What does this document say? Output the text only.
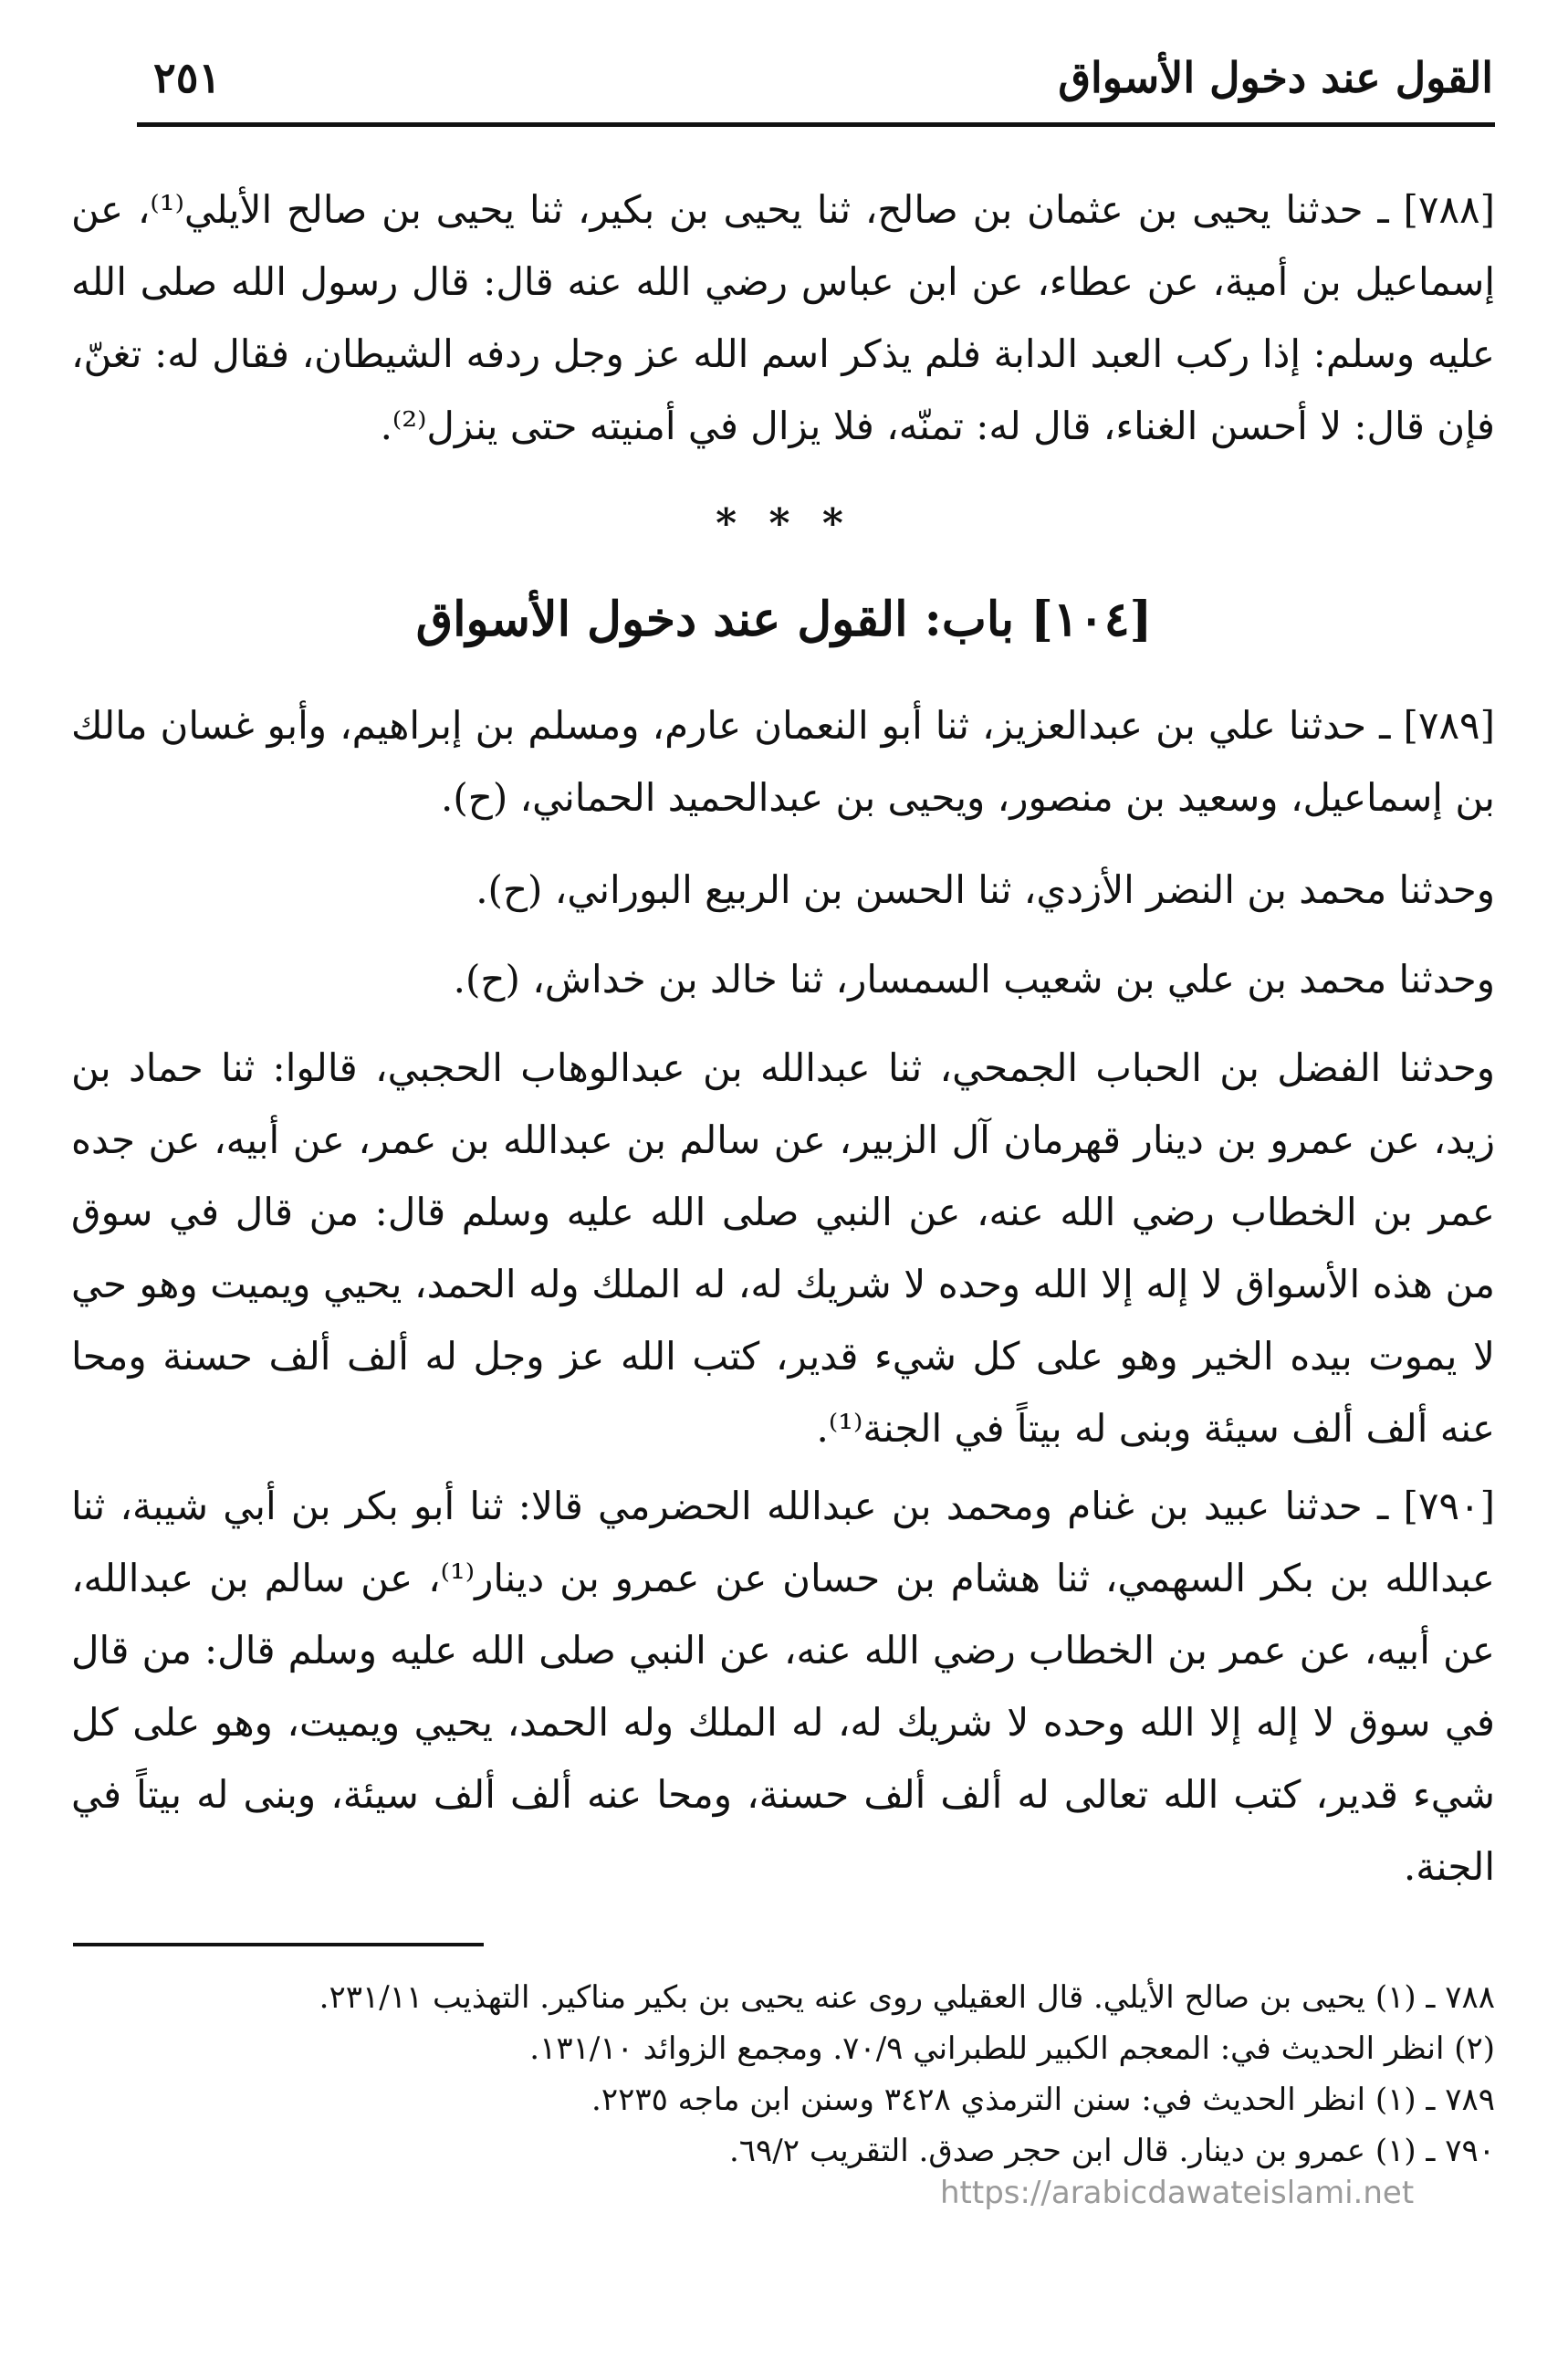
القول عند دخول الأسواق
٢٥١

[٧٨٨] ـ حدثنا يحيى بن عثمان بن صالح، ثنا يحيى بن بكير، ثنا يحيى بن صالح الأيلي⁽¹⁾، عن إسماعيل بن أمية، عن عطاء، عن ابن عباس رضي الله عنه قال: قال رسول الله صلى الله عليه وسلم: إذا ركب العبد الدابة فلم يذكر اسم الله عز وجل ردفه الشيطان، فقال له: تغنّ، فإن قال: لا أحسن الغناء، قال له: تمنّه، فلا يزال في أمنيته حتى ينزل⁽²⁾.

* * *
[١٠٤] باب: القول عند دخول الأسواق

[٧٨٩] ـ حدثنا علي بن عبدالعزيز، ثنا أبو النعمان عارم، ومسلم بن إبراهيم، وأبو غسان مالك بن إسماعيل، وسعيد بن منصور، ويحيى بن عبدالحميد الحماني، (ح).

وحدثنا محمد بن النضر الأزدي، ثنا الحسن بن الربيع البوراني، (ح).

وحدثنا محمد بن علي بن شعيب السمسار، ثنا خالد بن خداش، (ح).

وحدثنا الفضل بن الحباب الجمحي، ثنا عبدالله بن عبدالوهاب الحجبي، قالوا: ثنا حماد بن زيد، عن عمرو بن دينار قهرمان آل الزبير، عن سالم بن عبدالله بن عمر، عن أبيه، عن جده عمر بن الخطاب رضي الله عنه، عن النبي صلى الله عليه وسلم قال: من قال في سوق من هذه الأسواق لا إله إلا الله وحده لا شريك له، له الملك وله الحمد، يحيي ويميت وهو حي لا يموت بيده الخير وهو على كل شيء قدير، كتب الله عز وجل له ألف ألف حسنة ومحا عنه ألف ألف سيئة وبنى له بيتاً في الجنة⁽¹⁾.

[٧٩٠] ـ حدثنا عبيد بن غنام ومحمد بن عبدالله الحضرمي قالا: ثنا أبو بكر بن أبي شيبة، ثنا عبدالله بن بكر السهمي، ثنا هشام بن حسان عن عمرو بن دينار⁽¹⁾، عن سالم بن عبدالله، عن أبيه، عن عمر بن الخطاب رضي الله عنه، عن النبي صلى الله عليه وسلم قال: من قال في سوق لا إله إلا الله وحده لا شريك له، له الملك وله الحمد، يحيي ويميت، وهو على كل شيء قدير، كتب الله تعالى له ألف ألف حسنة، ومحا عنه ألف ألف سيئة، وبنى له بيتاً في الجنة.

٧٨٨ ـ (١) يحيى بن صالح الأيلي. قال العقيلي روى عنه يحيى بن بكير مناكير. التهذيب ٢٣١/١١.
(٢) انظر الحديث في: المعجم الكبير للطبراني ٧٠/٩. ومجمع الزوائد ١٣١/١٠.
٧٨٩ ـ (١) انظر الحديث في: سنن الترمذي ٣٤٢٨ وسنن ابن ماجه ٢٢٣٥.
٧٩٠ ـ (١) عمرو بن دينار. قال ابن حجر صدق. التقريب ٦٩/٢.
https://arabicdawateislami.net
